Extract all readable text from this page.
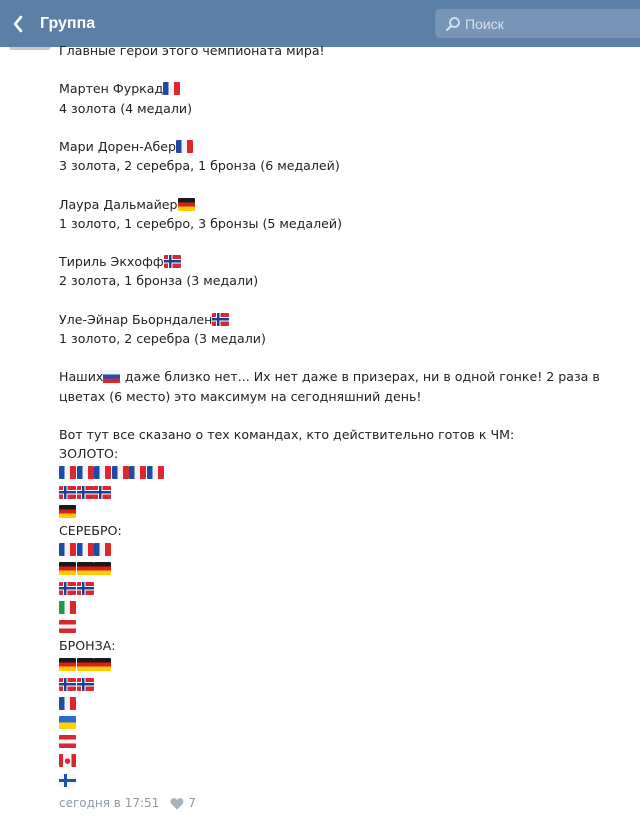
Группа	Поиск
Главные герои этого чемпионата мира!
Мартен Фуркад
4 золота (4 медали)
Мари Дорен-Абер
3 золота, 2 серебра, 1 бронза (6 медалей)
Лаура Дальмайер
1 золото, 1 серебро, 3 бронзы (5 медалей)
Тириль Экхофф
2 золота, 1 бронза (3 медали)
Уле-Эйнар Бьорндален
1 золото, 2 серебра (3 медали)
Наших даже близко нет... Их нет даже в призерах, ни в одной гонке! 2 раза в цветах (6 место) это максимум на сегодняшний день!
Вот тут все сказано о тех командах, кто действительно готов к ЧМ:
ЗОЛОТО:
СЕРЕБРО:
БРОНЗА:
сегодня в 17:51 7
